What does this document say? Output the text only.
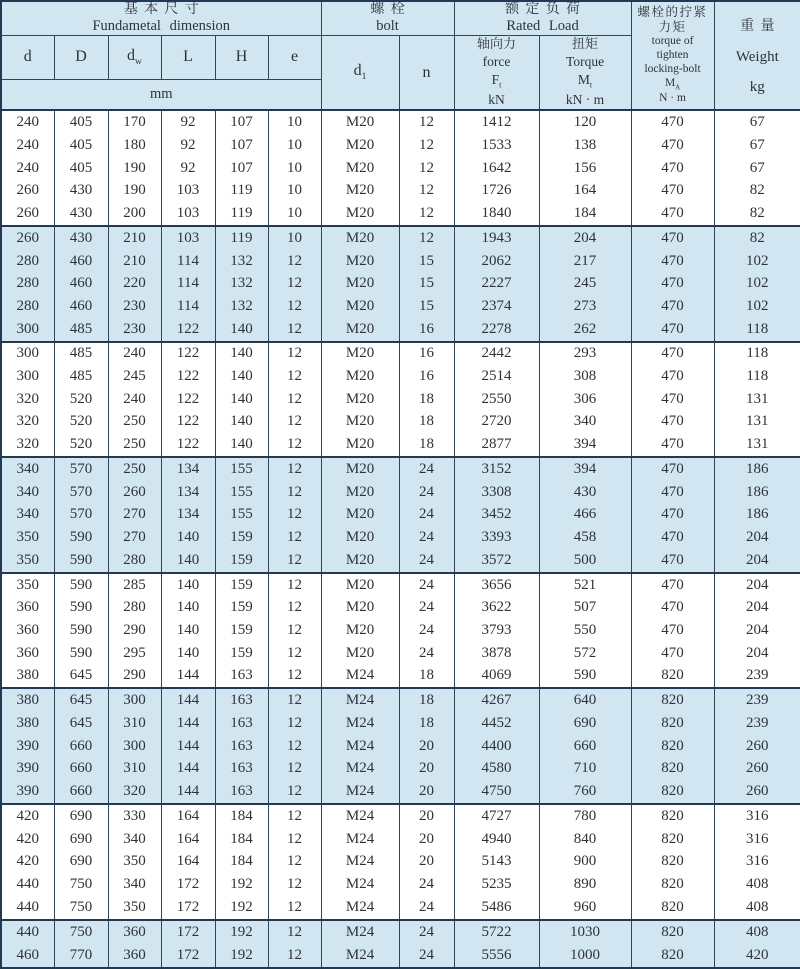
基本尺寸
Fundametal dimension

螺栓
bolt

额定负荷
Rated Load

螺栓的拧紧
力矩
torque of
tighten
locking-bolt
$M_A$
N · m

重量
Weight
kg

d	D	$d_w$	L	H	e	$d_1$	n	
轴向力
force
$F_t$
kN

扭矩
Torque
$M_t$
kN · m

mm											
240	405	170	92	107	10	M20	12	1412	120	470	67
240	405	180	92	107	10	M20	12	1533	138	470	67
240	405	190	92	107	10	M20	12	1642	156	470	67
260	430	190	103	119	10	M20	12	1726	164	470	82
260	430	200	103	119	10	M20	12	1840	184	470	82
260	430	210	103	119	10	M20	12	1943	204	470	82
280	460	210	114	132	12	M20	15	2062	217	470	102
280	460	220	114	132	12	M20	15	2227	245	470	102
280	460	230	114	132	12	M20	15	2374	273	470	102
300	485	230	122	140	12	M20	16	2278	262	470	118
300	485	240	122	140	12	M20	16	2442	293	470	118
300	485	245	122	140	12	M20	16	2514	308	470	118
320	520	240	122	140	12	M20	18	2550	306	470	131
320	520	250	122	140	12	M20	18	2720	340	470	131
320	520	250	122	140	12	M20	18	2877	394	470	131
340	570	250	134	155	12	M20	24	3152	394	470	186
340	570	260	134	155	12	M20	24	3308	430	470	186
340	570	270	134	155	12	M20	24	3452	466	470	186
350	590	270	140	159	12	M20	24	3393	458	470	204
350	590	280	140	159	12	M20	24	3572	500	470	204
350	590	285	140	159	12	M20	24	3656	521	470	204
360	590	280	140	159	12	M20	24	3622	507	470	204
360	590	290	140	159	12	M20	24	3793	550	470	204
360	590	295	140	159	12	M20	24	3878	572	470	204
380	645	290	144	163	12	M24	18	4069	590	820	239
380	645	300	144	163	12	M24	18	4267	640	820	239
380	645	310	144	163	12	M24	18	4452	690	820	239
390	660	300	144	163	12	M24	20	4400	660	820	260
390	660	310	144	163	12	M24	20	4580	710	820	260
390	660	320	144	163	12	M24	20	4750	760	820	260
420	690	330	164	184	12	M24	20	4727	780	820	316
420	690	340	164	184	12	M24	20	4940	840	820	316
420	690	350	164	184	12	M24	20	5143	900	820	316
440	750	340	172	192	12	M24	24	5235	890	820	408
440	750	350	172	192	12	M24	24	5486	960	820	408
440	750	360	172	192	12	M24	24	5722	1030	820	408
460	770	360	172	192	12	M24	24	5556	1000	820	420
